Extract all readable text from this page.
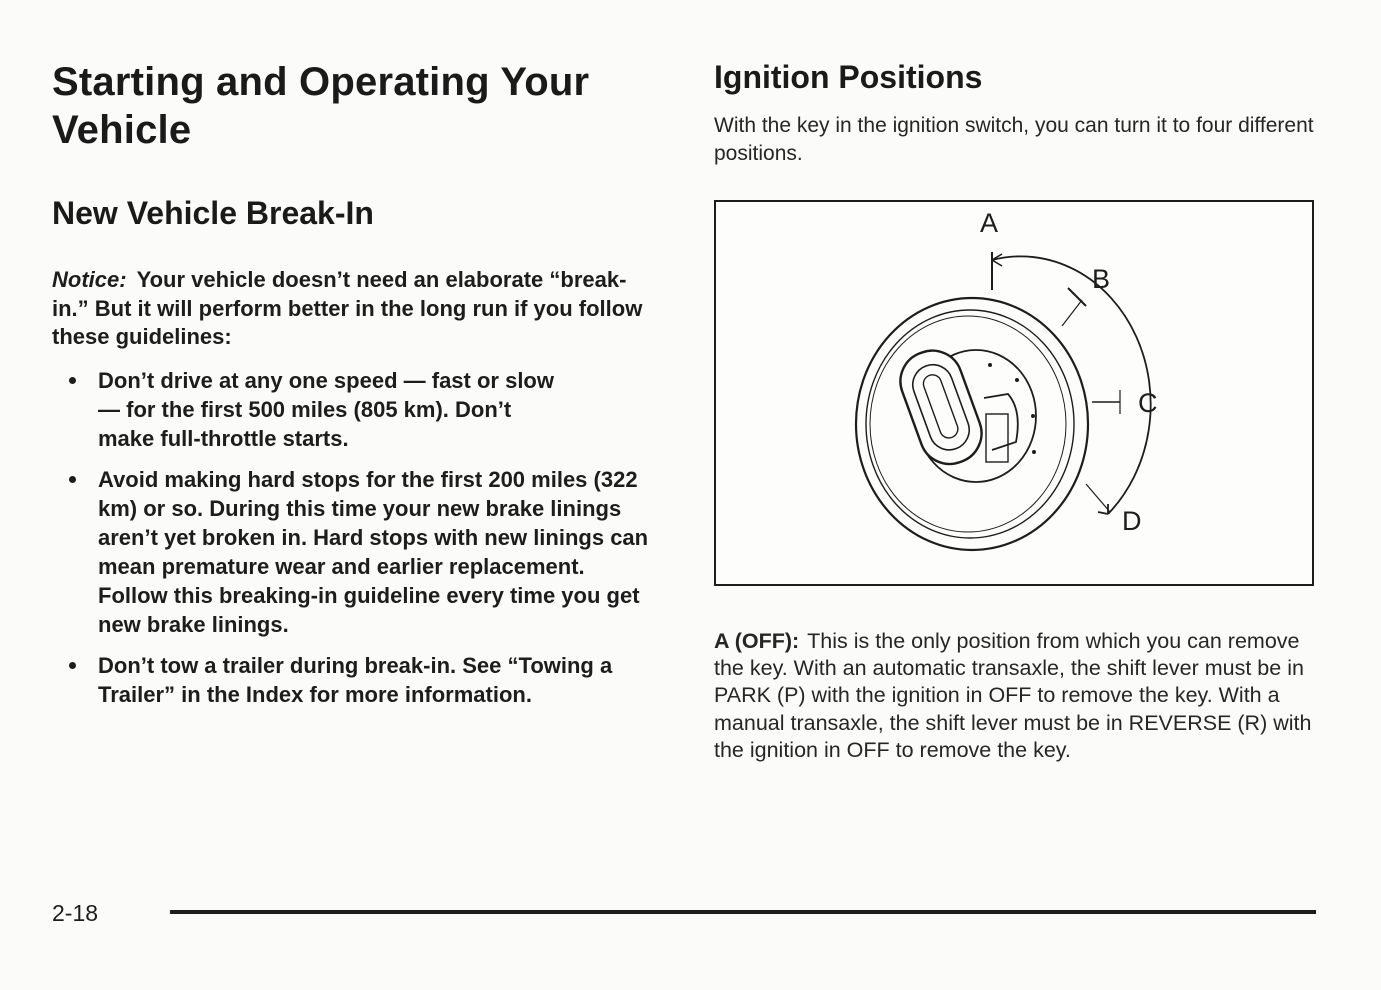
Starting and Operating Your Vehicle
New Vehicle Break-In

Notice: Your vehicle doesn’t need an elaborate “break-in.” But it will perform better in the long run if you follow these guidelines:

Don’t drive at any one speed — fast or slow — for the first 500 miles (805 km). Don’t make full-throttle starts.
Avoid making hard stops for the first 200 miles (322 km) or so. During this time your new brake linings aren’t yet broken in. Hard stops with new linings can mean premature wear and earlier replacement. Follow this breaking-in guideline every time you get new brake linings.
Don’t tow a trailer during break-in. See “Towing a Trailer” in the Index for more information.
Ignition Positions

With the key in the ignition switch, you can turn it to four different positions.

A
B
C
D

A (OFF): This is the only position from which you can remove the key. With an automatic transaxle, the shift lever must be in PARK (P) with the ignition in OFF to remove the key. With a manual transaxle, the shift lever must be in REVERSE (R) with the ignition in OFF to remove the key.

2-18
